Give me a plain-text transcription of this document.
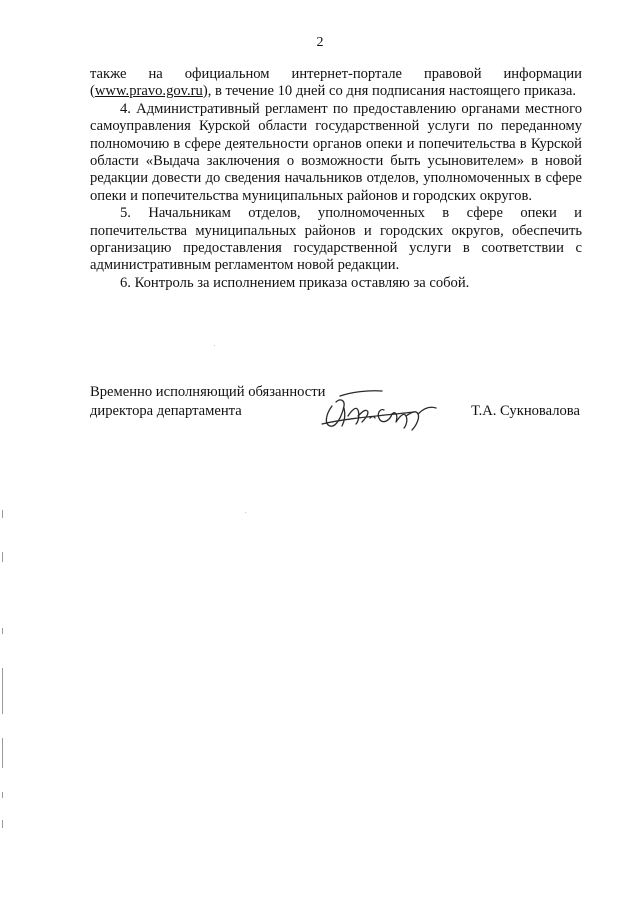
2

также на официальном интернет-портале правовой информации (www.pravo.gov.ru), в течение 10 дней со дня подписания настоящего приказа.

4. Административный регламент по предоставлению органами местного самоуправления Курской области государственной услуги по переданному полномочию в сфере деятельности органов опеки и попечительства в Курской области «Выдача заключения о возможности быть усыновителем» в новой редакции довести до сведения начальников отделов, уполномоченных в сфере опеки и попечительства муниципальных районов и городских округов.

5. Начальникам отделов, уполномоченных в сфере опеки и попечительства муниципальных районов и городских округов, обеспечить организацию предоставления государственной услуги в соответствии с административным регламентом новой редакции.

6. Контроль за исполнением приказа оставляю за собой.

Временно исполняющий обязанности
директора департамента	Т.А. Сукновалова
